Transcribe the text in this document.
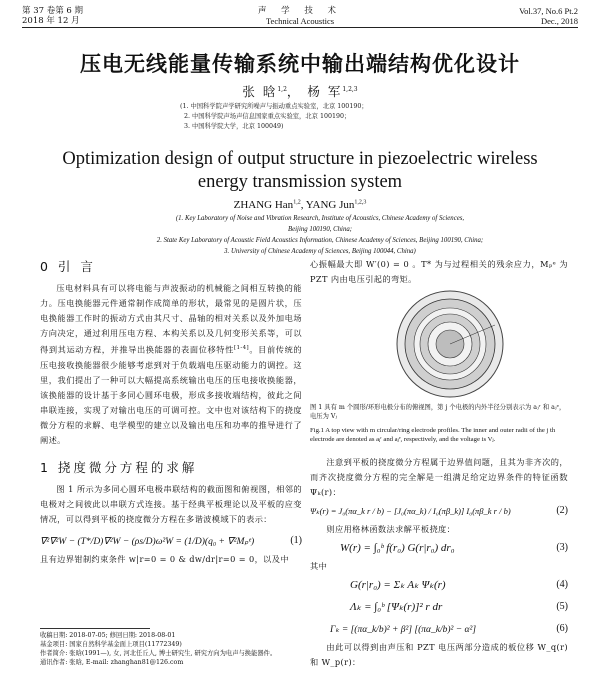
第 37 卷第 6 期
2018 年 12 月
声 学 技 术
Technical Acoustics
Vol.37, No.6 Pt.2
Dec., 2018
压电无线能量传输系统中输出端结构优化设计
张 晗$^{1,2}$， 杨 军$^{1,2,3}$
(1. 中国科学院声学研究所噪声与振动重点实验室，北京 100190；
2. 中国科学院声场声信息国家重点实验室，北京 100190；
3. 中国科学院大学，北京 100049)
Optimization design of output structure in piezoelectric wireless
energy transmission system
ZHANG Han$^{1,2}$, YANG Jun$^{1,2,3}$
(1. Key Laboratory of Noise and Vibration Research, Institute of Acoustics, Chinese Academy of Sciences,
Beijing 100190, China;
2. State Key Laboratory of Acoustic Field Acoustics Information, Chinese Academy of Sciences, Beijing 100190, China;
3. University of Chinese Academy of Sciences, Beijing 100044, China)
0 引 言

压电材料具有可以将电能与声波振动的机械能之间相互转换的能力。压电换能器元件通常制作成简单的形状，最常见的是圆片状，压电换能器工作时的振动方式由其尺寸、晶轴的相对关系以及外加电场方向决定，通过利用压电方程、本构关系以及几何变形关系等，可以得到其运动方程，并推导出换能器的表面位移特性[1-4]。目前传统的压电接收换能器很少能够考虑到对于负载端电压驱动能力的调控。这里，我们提出了一种可以大幅提高系统输出电压的压电接收换能器，该换能器的设计基于多同心圆环电极，形成多接收端结构，彼此之间串联连接，实现了对输出电压的可调可控。文中也对该结构下的挠度微分方程的求解、电学模型的建立以及输出电压和功率的推导进行了阐述。

1 挠度微分方程的求解

图 1 所示为多同心圆环电极串联结构的截面图和俯视图，相邻的电极对之间彼此以串联方式连接。基于经典平板理论以及平板的应变情况，可以得到平板的挠度微分方程在多谐波模域下的表示：

∇²∇²W − (T*/D)∇²W − (ρs/D)ω²W = (1/D)(q₀ + ∇²Mₚᵉ)	(1)

且有边界钳制约束条件 w|r=0 = 0 & dw/dr|r=0 = 0，以及中

心振幅最大即 W′(0) = 0 。T* 为与过程相关的残余应力，Mₚᵉ 为 PZT 内由电压引起的弯矩。

图 1 具有 m 个圆形/环形电极分布的俯视图，第 j 个电极的内外半径分别表示为 aⱼʳ 和 aⱼᵉ，电压为 Vⱼ
Fig.1 A top view with m circular/ring electrode profiles. The inner and outer radii of the j th electrode are denoted as aⱼʳ and aⱼᵉ, respectively, and the voltage is Vⱼ.

注意到平板的挠度微分方程属于边界值问题，且其为非齐次的，而齐次挠度微分方程的完全解是一组满足给定边界条件的特征函数 Ψₖ(r)：

Ψₖ(r) = J₀(πα_k r / b) − [J₀(πα_k) / I₀(πβ_k)] I₀(πβ_k r / b)	(2)

则应用格林函数法求解平板挠度：

W(r) = ∫₀ᵇ f(r₀) G(r|r₀) dr₀	(3)

其中

G(r|r₀) = Σₖ Aₖ Ψₖ(r)	(4)
Λₖ = ∫₀ᵇ [Ψₖ(r)]² r dr	(5)
Γₖ = [(πα_k/b)² + β²] [(πα_k/b)² − α²]	(6)

由此可以得到由声压和 PZT 电压两部分造成的板位移 W_q(r) 和 W_p(r)：

收稿日期: 2018-07-05; 修回日期: 2018-08-01
基金项目: 国家自然科学基金面上项目(11772349)
作者简介: 张晗(1991—), 女, 河北任丘人, 博士研究生, 研究方向为电声与换能器件。
通讯作者: 张晗, E-mail: zhanghan81@126.com
